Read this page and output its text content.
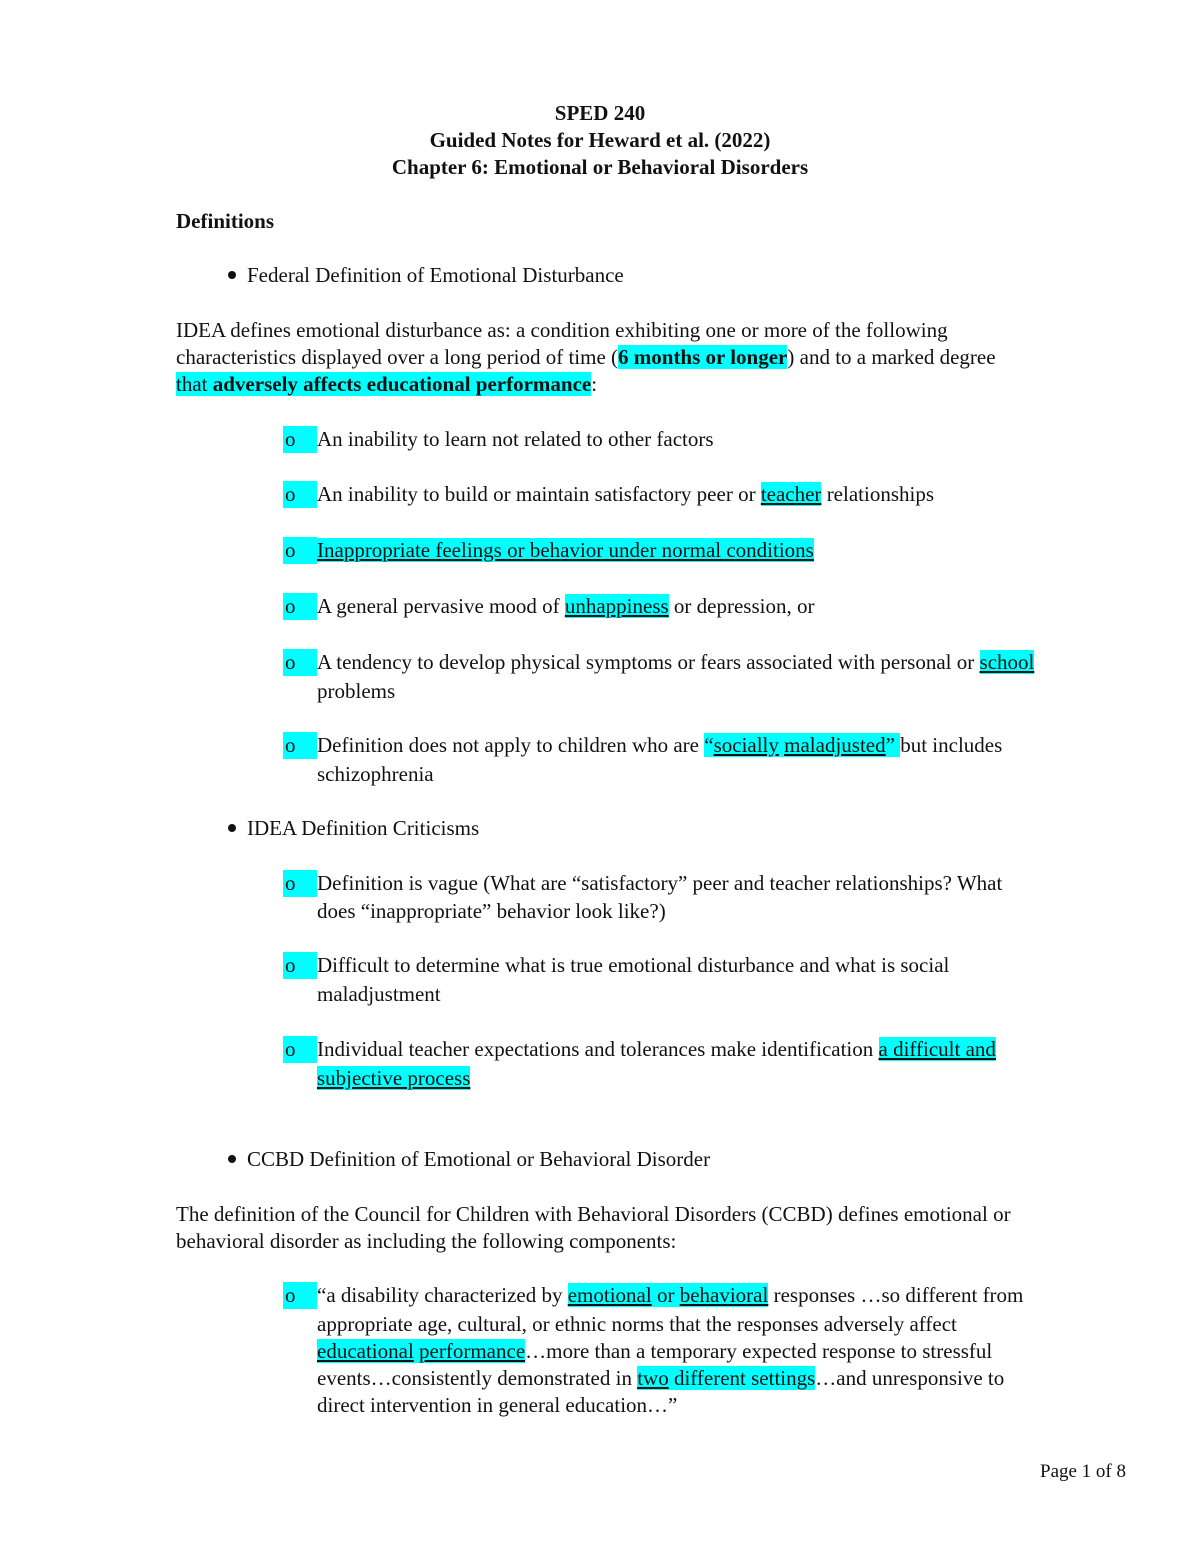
SPED 240
Guided Notes for Heward et al. (2022)
Chapter 6: Emotional or Behavioral Disorders
Definitions
Federal Definition of Emotional Disturbance
IDEA defines emotional disturbance as: a condition exhibiting one or more of the following
characteristics displayed over a long period of time (6 months or longer) and to a marked degree
that adversely affects educational performance:
o	An inability to learn not related to other factors
o	An inability to build or maintain satisfactory peer or teacher relationships
o	Inappropriate feelings or behavior under normal conditions
o	A general pervasive mood of unhappiness or depression, or
o	A tendency to develop physical symptoms or fears associated with personal or school
problems
o	Definition does not apply to children who are “socially maladjusted” but includes
schizophrenia
IDEA Definition Criticisms
o	Definition is vague (What are “satisfactory” peer and teacher relationships? What
does “inappropriate” behavior look like?)
o	Difficult to determine what is true emotional disturbance and what is social
maladjustment
o	Individual teacher expectations and tolerances make identification a difficult and
subjective process
CCBD Definition of Emotional or Behavioral Disorder
The definition of the Council for Children with Behavioral Disorders (CCBD) defines emotional or
behavioral disorder as including the following components:
o	“a disability characterized by emotional or behavioral responses …so different from
appropriate age, cultural, or ethnic norms that the responses adversely affect
educational performance…more than a temporary expected response to stressful
events…consistently demonstrated in two different settings…and unresponsive to
direct intervention in general education…”
Page 1 of 8
